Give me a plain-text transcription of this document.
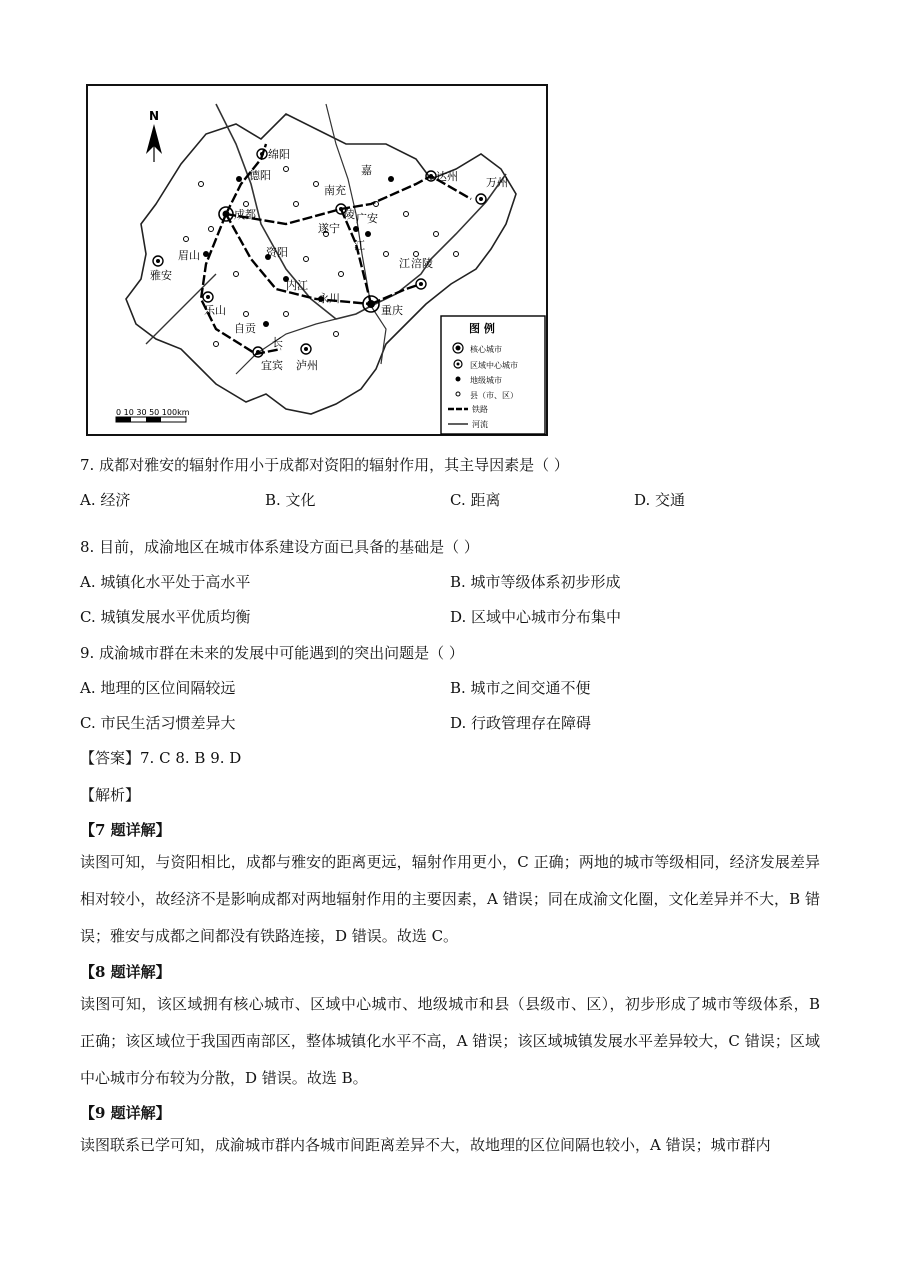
绵阳
德阳
成都
眉山
雅安
资阳
乐山
内江
自贡
宜宾 泸州
遂宁
南充
广安
达州	万州
涪陵
重庆
永川
嘉
陵
江
江
长
N
0 10 30 50 100km
图 例
核心城市
区域中心城市
地级城市
县（市、区）
铁路
河流
7. 成都对雅安的辐射作用小于成都对资阳的辐射作用，其主导因素是（ ）
A. 经济	B. 文化	C. 距离	D. 交通
8. 目前，成渝地区在城市体系建设方面已具备的基础是（ ）
A. 城镇化水平处于高水平	B. 城市等级体系初步形成
C. 城镇发展水平优质均衡	D. 区域中心城市分布集中
9. 成渝城市群在未来的发展中可能遇到的突出问题是（ ）
A. 地理的区位间隔较远	B. 城市之间交通不便
C. 市民生活习惯差异大	D. 行政管理存在障碍
【答案】7. C 8. B 9. D
【解析】
【7 题详解】
读图可知，与资阳相比，成都与雅安的距离更远，辐射作用更小，C 正确；两地的城市等级相同，经济发展差异相对较小，故经济不是影响成都对两地辐射作用的主要因素，A 错误；同在成渝文化圈，文化差异并不大，B 错误；雅安与成都之间都没有铁路连接，D 错误。故选 C。
【8 题详解】
读图可知，该区域拥有核心城市、区域中心城市、地级城市和县（县级市、区），初步形成了城市等级体系，B 正确；该区域位于我国西南部区，整体城镇化水平不高，A 错误；该区域城镇发展水平差异较大，C 错误；区域中心城市分布较为分散，D 错误。故选 B。
【9 题详解】
读图联系已学可知，成渝城市群内各城市间距离差异不大，故地理的区位间隔也较小，A 错误；城市群内
